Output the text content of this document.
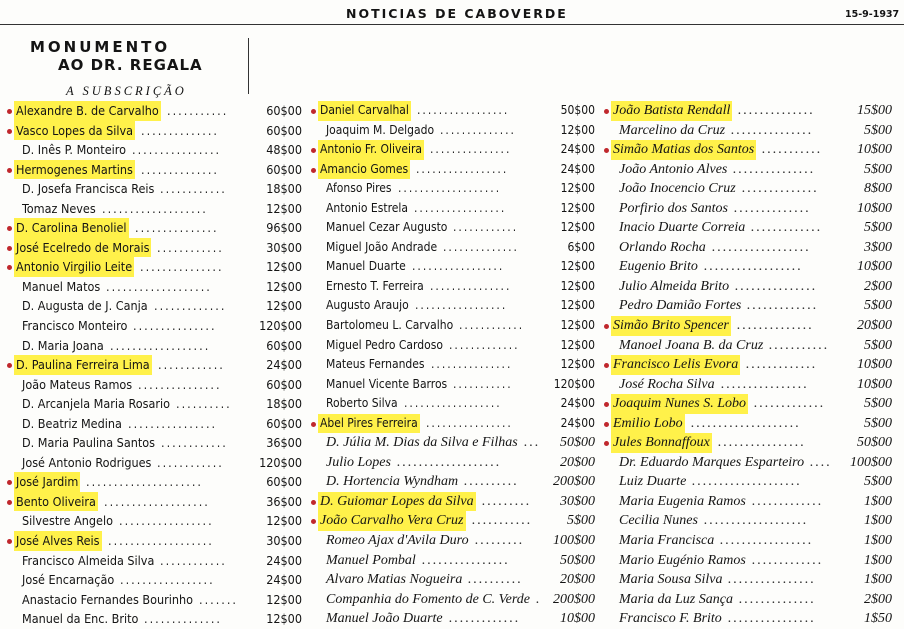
NOTICIAS DE CABOVERDE	15-9-1937
MONUMENTO
AO DR. REGALA
A SUBSCRIÇÃO
Alexandre B. de Carvalho ...........	60$00
Vasco Lopes da Silva ..............	60$00
D. Inês P. Monteiro ................	48$00
Hermogenes Martins ..............	60$00
D. Josefa Francisca Reis ............	18$00
Tomaz Neves ...................	12$00
D. Carolina Benoliel ...............	96$00
José Ecelredo de Morais ............	30$00
Antonio Virgilio Leite ...............	12$00
Manuel Matos ...................	12$00
D. Augusta de J. Canja .............	12$00
Francisco Monteiro ...............	120$00
D. Maria Joana ..................	60$00
D. Paulina Ferreira Lima ............	24$00
João Mateus Ramos ...............	60$00
D. Arcanjela Maria Rosario ..........	18$00
D. Beatriz Medina ................	60$00
D. Maria Paulina Santos ............	36$00
José Antonio Rodrigues ............	120$00
José Jardim .....................	60$00
Bento Oliveira ...................	36$00
Silvestre Angelo .................	12$00
José Alves Reis ...................	30$00
Francisco Almeida Silva ............	24$00
José Encarnação .................	24$00
Anastacio Fernandes Bourinho ....... 12$00
Manuel da Enc. Brito ..............	12$00
Daniel Carvalhal .................	50$00
Joaquim M. Delgado ..............	12$00
Antonio Fr. Oliveira ...............	24$00
Amancio Gomes .................	24$00
Afonso Pires ...................	12$00
Antonio Estrela .................	12$00
Manuel Cezar Augusto ............	12$00
Miguel João Andrade ..............	6$00
Manuel Duarte .................	12$00
Ernesto T. Ferreira ...............	12$00
Augusto Araujo .................	12$00
Bartolomeu L. Carvalho ............	12$00
Miguel Pedro Cardoso .............	12$00
Mateus Fernandes ...............	12$00
Manuel Vicente Barros ...........	120$00
Roberto Silva ..................	24$00
Abel Pires Ferreira ................	24$00
D. Júlia M. Dias da Silva e Filhas ... 50$00
Julio Lopes ...................	20$00
D. Hortencia Wyndham .......... 200$00
D. Guiomar Lopes da Silva ......... 30$00
João Carvalho Vera Cruz ........... 5$00
Romeo Ajax d'Avila Duro ......... 100$00
Manuel Pombal ................	50$00
Alvaro Matias Nogueira ..........	20$00
Companhia do Fomento de C. Verde . 200$00
Manuel João Duarte .............	10$00
João Batista Rendall ..............	15$00
Marcelino da Cruz ...............	5$00
Simão Matias dos Santos ........... 10$00
João Antonio Alves ...............	5$00
João Inocencio Cruz ..............	8$00
Porfirio dos Santos ..............	10$00
Inacio Duarte Correia .............	5$00
Orlando Rocha ..................	3$00
Eugenio Brito ..................	10$00
Julio Almeida Brito ...............	2$00
Pedro Damião Fortes .............	5$00
Simão Brito Spencer ..............	20$00
Manoel Joana B. da Cruz ........... 5$00
Francisco Lelis Evora .............	10$00
José Rocha Silva ................	10$00
Joaquim Nunes S. Lobo .............	5$00
Emilio Lobo ....................	5$00
Jules Bonnaffoux ................	50$00
Dr. Eduardo Marques Esparteiro .... 100$00
Luiz Duarte ....................	5$00
Maria Eugenia Ramos .............	1$00
Cecilia Nunes ...................	1$00
Maria Francisca .................	1$00
Mario Eugénio Ramos .............	1$00
Maria Sousa Silva ................	1$00
Maria da Luz Sança ..............	2$00
Francisco F. Brito ................	1$50
